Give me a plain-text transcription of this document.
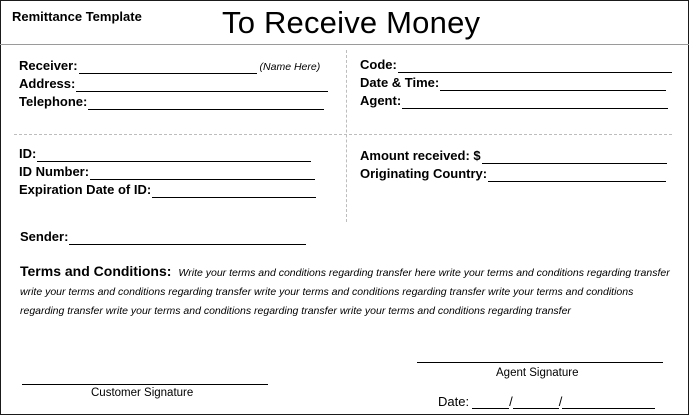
Remittance Template	To Receive Money
Receiver:	(Name Here)
Address:
Telephone:
Code:
Date & Time:
Agent:
ID:
ID Number:
Expiration Date of ID:
Amount received: $
Originating Country:
Sender:
Terms and Conditions: Write your terms and conditions regarding transfer here write your terms and conditions regarding transfer write your terms and conditions regarding transfer write your terms and conditions regarding transfer write your terms and conditions regarding transfer write your terms and conditions regarding transfer write your terms and conditions regarding transfer
Customer Signature
Agent Signature
Date:	/	/
